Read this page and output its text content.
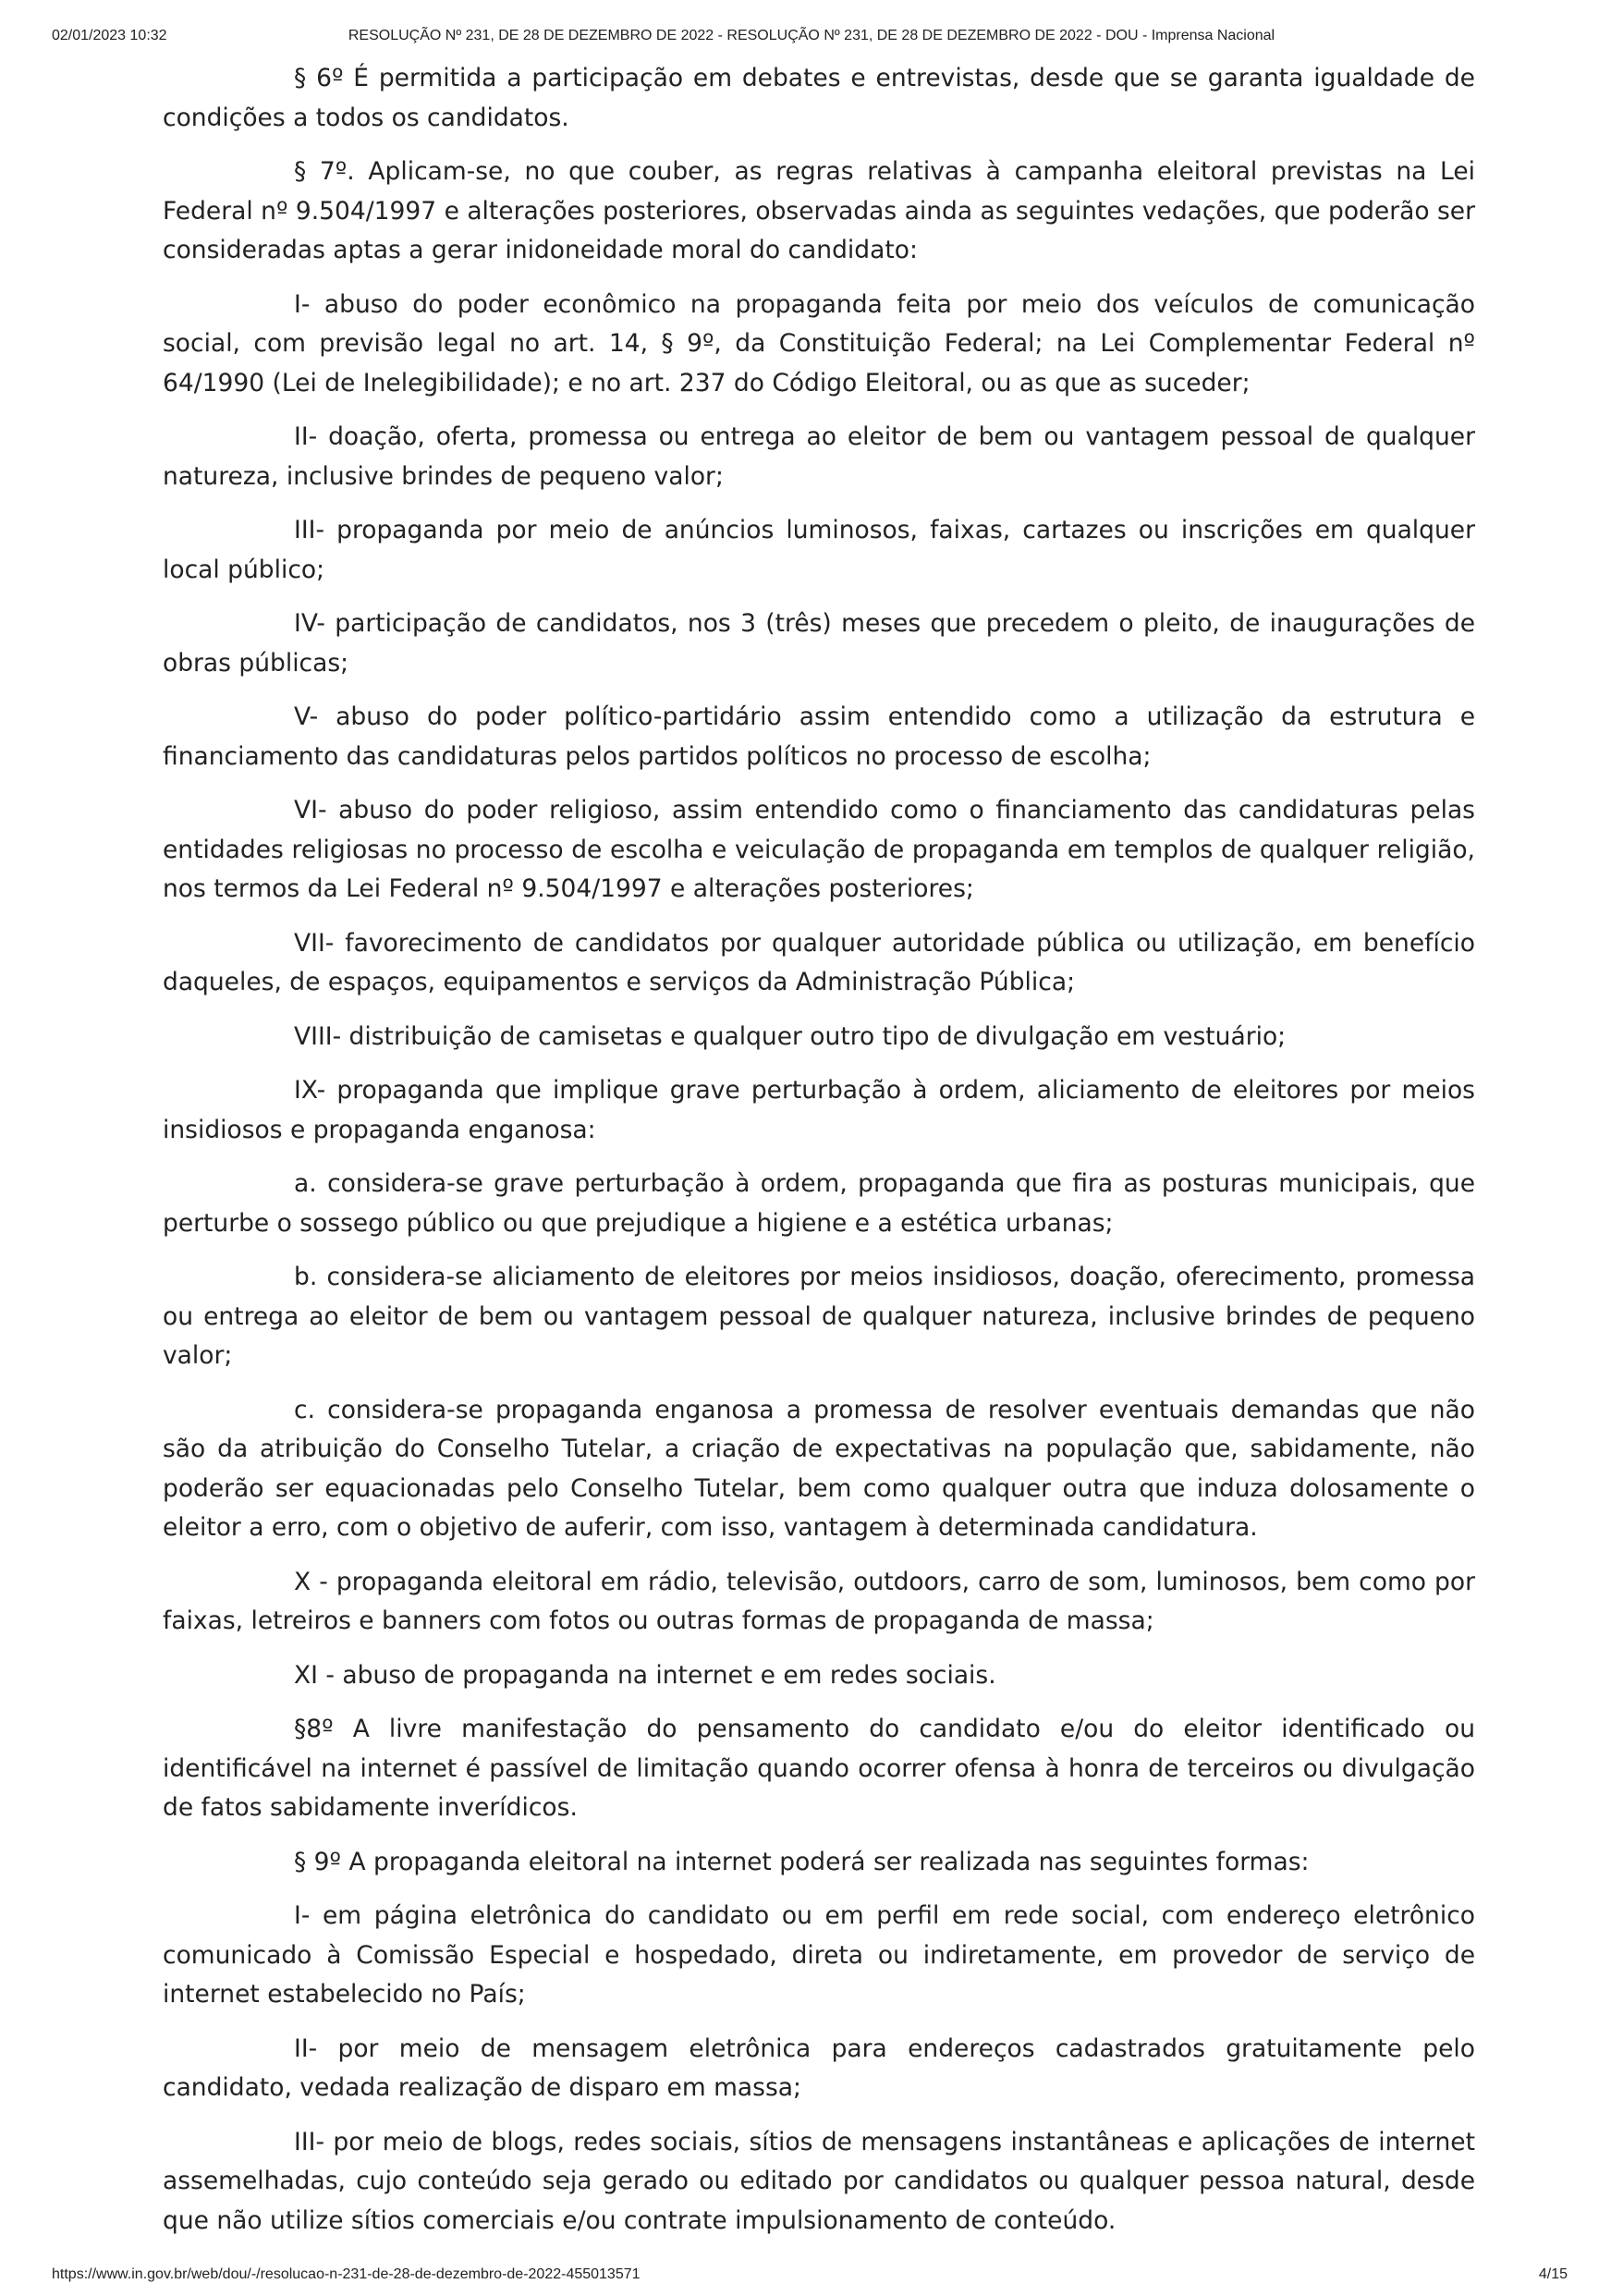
02/01/2023 10:32	RESOLUÇÃO Nº 231, DE 28 DE DEZEMBRO DE 2022 - RESOLUÇÃO Nº 231, DE 28 DE DEZEMBRO DE 2022 - DOU - Imprensa Nacional

§ 6º É permitida a participação em debates e entrevistas, desde que se garanta igualdade de condições a todos os candidatos.

§ 7º. Aplicam-se, no que couber, as regras relativas à campanha eleitoral previstas na Lei Federal nº 9.504/1997 e alterações posteriores, observadas ainda as seguintes vedações, que poderão ser consideradas aptas a gerar inidoneidade moral do candidato:

I- abuso do poder econômico na propaganda feita por meio dos veículos de comunicação social, com previsão legal no art. 14, § 9º, da Constituição Federal; na Lei Complementar Federal nº 64/1990 (Lei de Inelegibilidade); e no art. 237 do Código Eleitoral, ou as que as suceder;

II- doação, oferta, promessa ou entrega ao eleitor de bem ou vantagem pessoal de qualquer natureza, inclusive brindes de pequeno valor;

III- propaganda por meio de anúncios luminosos, faixas, cartazes ou inscrições em qualquer local público;

IV- participação de candidatos, nos 3 (três) meses que precedem o pleito, de inaugurações de obras públicas;

V- abuso do poder político-partidário assim entendido como a utilização da estrutura e financiamento das candidaturas pelos partidos políticos no processo de escolha;

VI- abuso do poder religioso, assim entendido como o financiamento das candidaturas pelas entidades religiosas no processo de escolha e veiculação de propaganda em templos de qualquer religião, nos termos da Lei Federal nº 9.504/1997 e alterações posteriores;

VII- favorecimento de candidatos por qualquer autoridade pública ou utilização, em benefício daqueles, de espaços, equipamentos e serviços da Administração Pública;

VIII- distribuição de camisetas e qualquer outro tipo de divulgação em vestuário;

IX- propaganda que implique grave perturbação à ordem, aliciamento de eleitores por meios insidiosos e propaganda enganosa:

a. considera-se grave perturbação à ordem, propaganda que fira as posturas municipais, que perturbe o sossego público ou que prejudique a higiene e a estética urbanas;

b. considera-se aliciamento de eleitores por meios insidiosos, doação, oferecimento, promessa ou entrega ao eleitor de bem ou vantagem pessoal de qualquer natureza, inclusive brindes de pequeno valor;

c. considera-se propaganda enganosa a promessa de resolver eventuais demandas que não são da atribuição do Conselho Tutelar, a criação de expectativas na população que, sabidamente, não poderão ser equacionadas pelo Conselho Tutelar, bem como qualquer outra que induza dolosamente o eleitor a erro, com o objetivo de auferir, com isso, vantagem à determinada candidatura.

X - propaganda eleitoral em rádio, televisão, outdoors, carro de som, luminosos, bem como por faixas, letreiros e banners com fotos ou outras formas de propaganda de massa;

XI - abuso de propaganda na internet e em redes sociais.

§8º A livre manifestação do pensamento do candidato e/ou do eleitor identificado ou identificável na internet é passível de limitação quando ocorrer ofensa à honra de terceiros ou divulgação de fatos sabidamente inverídicos.

§ 9º A propaganda eleitoral na internet poderá ser realizada nas seguintes formas:

I- em página eletrônica do candidato ou em perfil em rede social, com endereço eletrônico comunicado à Comissão Especial e hospedado, direta ou indiretamente, em provedor de serviço de internet estabelecido no País;

II- por meio de mensagem eletrônica para endereços cadastrados gratuitamente pelo candidato, vedada realização de disparo em massa;

III- por meio de blogs, redes sociais, sítios de mensagens instantâneas e aplicações de internet assemelhadas, cujo conteúdo seja gerado ou editado por candidatos ou qualquer pessoa natural, desde que não utilize sítios comerciais e/ou contrate impulsionamento de conteúdo.

https://www.in.gov.br/web/dou/-/resolucao-n-231-de-28-de-dezembro-de-2022-455013571	4/15
